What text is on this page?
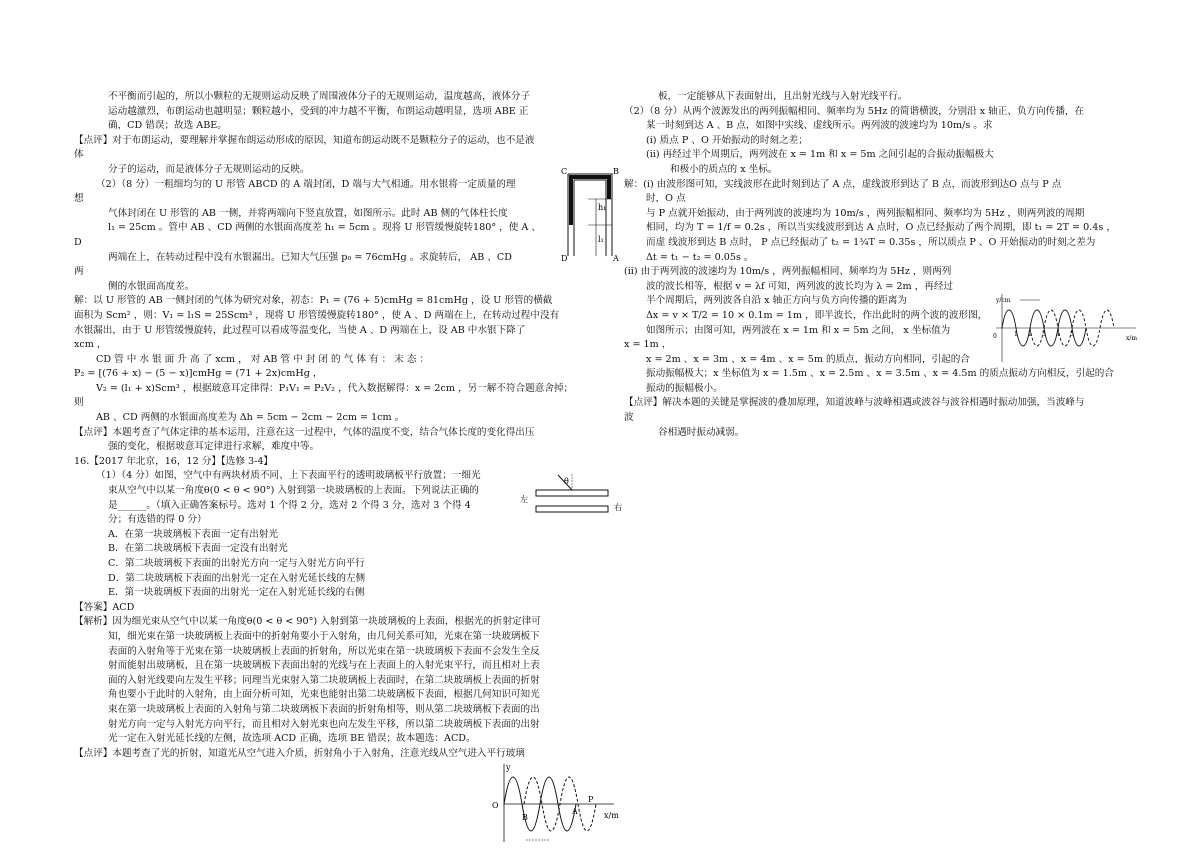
不平衡而引起的，所以小颗粒的无规则运动反映了周围液体分子的无规则运动，温度越高，液体分子

运动越激烈，布朗运动也越明显；颗粒越小，受到的冲力越不平衡，布朗运动越明显，选项 ABE 正

确，CD 错误；故选 ABE。

【点评】对于布朗运动，要理解并掌握布朗运动形成的原因，知道布朗运动既不是颗粒分子的运动，也不是液

体

分子的运动，而是液体分子无规则运动的反映。

（2）（8 分）一粗细均匀的 U 形管 ABCD 的 A 端封闭，D 端与大气相通。用水银将一定质量的理

想

气体封闭在 U 形管的 AB 一侧，并将两端向下竖直放置，如图所示。此时 AB 侧的气体柱长度

l₁ = 25cm 。管中 AB 、CD 两侧的水银面高度差 h₁ = 5cm 。现将 U 形管缓慢旋转180° ，使 A 、

D

两端在上，在转动过程中没有水银漏出。已知大气压强 p₀ = 76cmHg 。求旋转后， AB 、CD

两

侧的水银面高度差。

解：以 U 形管的 AB 一侧封闭的气体为研究对象，初态：P₁ = (76 + 5)cmHg = 81cmHg ，设 U 形管的横截

面积为 Scm² ，则：V₁ = l₁S = 25Scm³ ，现将 U 形管缓慢旋转180° ，使 A 、D 两端在上，在转动过程中没有

水银漏出，由于 U 形管缓慢旋转，此过程可以看成等温变化，当使 A 、D 两端在上，设 AB 中水银下降了

xcm ，

CD 管 中 水 银 面 升 高 了 xcm ， 对 AB 管 中 封 闭 的 气 体 有 ： 末 态 ：

P₂ = [(76 + x) − (5 − x)]cmHg = (71 + 2x)cmHg ，

V₂ = (l₁ + x)Scm³ ，根据玻意耳定律得：P₁V₁ = P₂V₂ ，代入数据解得：x = 2cm ，另一解不符合题意舍掉；

则

AB 、CD 两侧的水银面高度差为 Δh = 5cm − 2cm − 2cm = 1cm 。

【点评】本题考查了气体定律的基本运用，注意在这一过程中，气体的温度不变，结合气体长度的变化得出压

强的变化，根据玻意耳定律进行求解，难度中等。

16.【2017 年北京，16，12 分】【选修 3-4】

（1）（4 分）如图，空气中有两块材质不同、上下表面平行的透明玻璃板平行放置；一细光

束从空气中以某一角度θ(0 < θ < 90°) 入射到第一块玻璃板的上表面。下列说法正确的

是______。（填入正确答案标号。选对 1 个得 2 分，选对 2 个得 3 分，选对 3 个得 4

分；有选错的得 0 分）

A．在第一块玻璃板下表面一定有出射光

B．在第二块玻璃板下表面一定没有出射光

C．第二块玻璃板下表面的出射光方向一定与入射光方向平行

D．第二块玻璃板下表面的出射光一定在入射光延长线的左侧

E．第一块玻璃板下表面的出射光一定在入射光延长线的右侧

【答案】ACD

【解析】因为细光束从空气中以某一角度θ(0 < θ < 90°) 入射到第一块玻璃板的上表面，根据光的折射定律可

知，细光束在第一块玻璃板上表面中的折射角要小于入射角，由几何关系可知，光束在第一块玻璃板下

表面的入射角等于光束在第一块玻璃板上表面的折射角，所以光束在第一块玻璃板下表面不会发生全反

射而能射出玻璃板，且在第一块玻璃板下表面出射的光线与在上表面上的入射光束平行，而且相对上表

面的入射光线要向左发生平移；同理当光束射入第二块玻璃板上表面时，在第二块玻璃板上表面的折射

角也要小于此时的入射角，由上面分析可知，光束也能射出第二块玻璃板下表面，根据几何知识可知光

束在第一块玻璃板上表面的入射角与第二块玻璃板下表面的折射角相等，则从第二块玻璃板下表面的出

射光方向一定与入射光方向平行，而且相对入射光束也向左发生平移，所以第二块玻璃板下表面的出射

光一定在入射光延长线的左侧，故选项 ACD 正确，选项 BE 错误；故本题选：ACD。

【点评】本题考查了光的折射，知道光从空气进入介质，折射角小于入射角，注意光线从空气进入平行玻璃

板，一定能够从下表面射出，且出射光线与入射光线平行。

（2）（8 分）从两个波源发出的两列振幅相同、频率均为 5Hz 的简谐横波，分别沿 x 轴正、负方向传播，在

某一时刻到达 A 、B 点，如图中实线、虚线所示。两列波的波速均为 10m/s 。求

(i) 质点 P 、O 开始振动的时刻之差；

(ii) 再经过半个周期后，两列波在 x = 1m 和 x = 5m 之间引起的合振动振幅极大

和极小的质点的 x 坐标。

解：(i) 由波形图可知，实线波形在此时刻到达了 A 点，虚线波形到达了 B 点，而波形到达O 点与 P 点

时，O 点

与 P 点就开始振动，由于两列波的波速均为 10m/s ，两列振幅相同、频率均为 5Hz ，则两列波的周期

相同，均为 T = 1/f = 0.2s ，所以当实线波形到达 A 点时，O 点已经振动了两个周期，即 t₁ = 2T = 0.4s ，

而虚 线波形到达 B 点时， P 点已经振动了 t₂ = 1¾T = 0.35s ，所以质点 P 、O 开始振动的时刻之差为

Δt = t₁ − t₂ = 0.05s 。

(ii) 由于两列波的波速均为 10m/s ，两列振幅相同、频率均为 5Hz ，则两列

波的波长相等，根据 v = λf 可知，两列波的波长均为 λ = 2m ，再经过

半个周期后，两列波各自沿 x 轴正方向与负方向传播的距离为

Δx = v × T/2 = 10 × 0.1m = 1m ，即半波长，作出此时的两个波的波形图，

如图所示；由图可知，两列波在 x = 1m 和 x = 5m 之间， x 坐标值为

x = 1m ，

x = 2m 、x = 3m 、x = 4m 、x = 5m 的质点，振动方向相同，引起的合

振动振幅极大；x 坐标值为 x = 1.5m 、x = 2.5m 、x = 3.5m 、x = 4.5m 的质点振动方向相反，引起的合

振动的振幅极小。

【点评】解决本题的关键是掌握波的叠加原理，知道波峰与波峰相遇或波谷与波谷相遇时振动加强，当波峰与

波

谷相遇时振动减弱。

C	B
h₁
l₁
D	A
θ
左
右
y
O
A
B
P
x/m
y/cm
0	1 2 3 4 5
x/m
